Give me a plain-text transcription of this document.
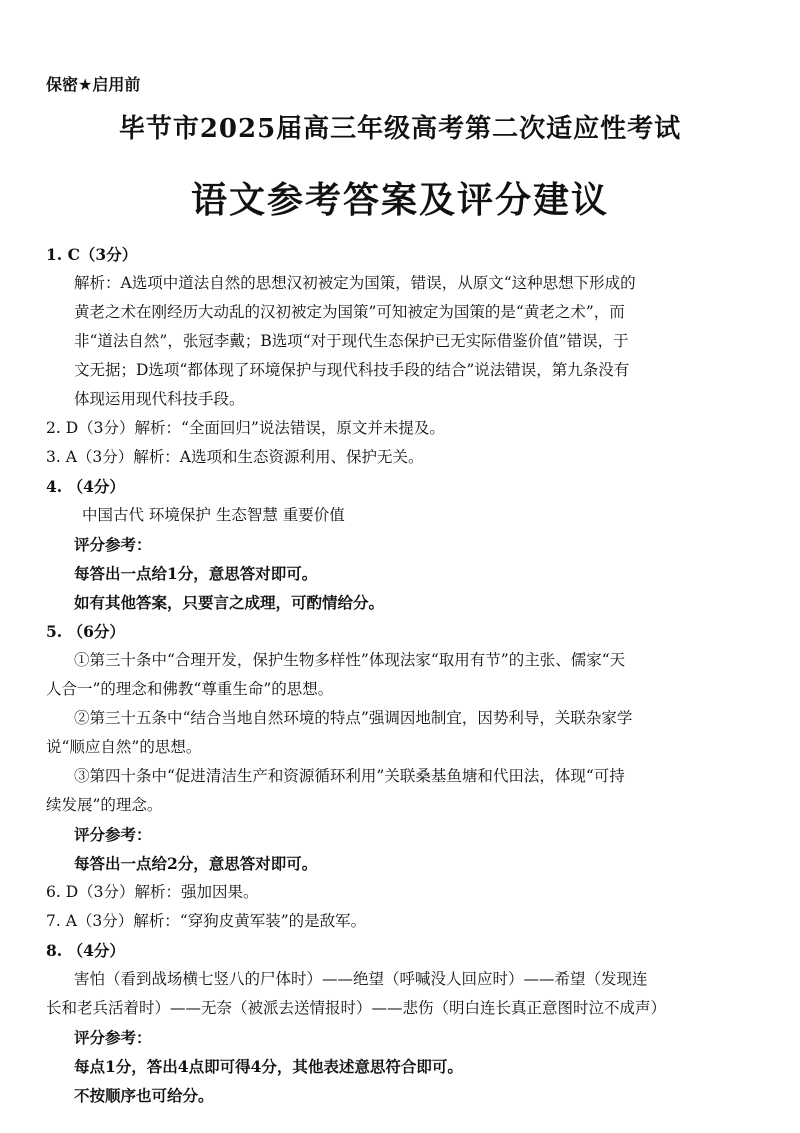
保密★启用前
毕节市2025届高三年级高考第二次适应性考试
语文参考答案及评分建议
1. C（3分）
解析：A选项中道法自然的思想汉初被定为国策，错误，从原文“这种思想下形成的
黄老之术在刚经历大动乱的汉初被定为国策”可知被定为国策的是“黄老之术”，而
非“道法自然”，张冠李戴；B选项“对于现代生态保护已无实际借鉴价值”错误，于
文无据；D选项“都体现了环境保护与现代科技手段的结合”说法错误，第九条没有
体现运用现代科技手段。
2. D（3分）解析：“全面回归”说法错误，原文并未提及。
3. A（3分）解析：A选项和生态资源利用、保护无关。
4. （4分）
中国古代 环境保护 生态智慧 重要价值
评分参考：
每答出一点给1分，意思答对即可。
如有其他答案，只要言之成理，可酌情给分。
5. （6分）
①第三十条中“合理开发，保护生物多样性”体现法家“取用有节”的主张、儒家“天
人合一”的理念和佛教“尊重生命”的思想。
②第三十五条中“结合当地自然环境的特点”强调因地制宜，因势利导，关联杂家学
说“顺应自然”的思想。
③第四十条中“促进清洁生产和资源循环利用”关联桑基鱼塘和代田法，体现“可持
续发展”的理念。
评分参考：
每答出一点给2分，意思答对即可。
6. D（3分）解析：强加因果。
7. A（3分）解析：“穿狗皮黄军装”的是敌军。
8. （4分）
害怕（看到战场横七竖八的尸体时）——绝望（呼喊没人回应时）——希望（发现连
长和老兵活着时）——无奈（被派去送情报时）——悲伤（明白连长真正意图时泣不成声）
评分参考：
每点1分，答出4点即可得4分，其他表述意思符合即可。
不按顺序也可给分。
